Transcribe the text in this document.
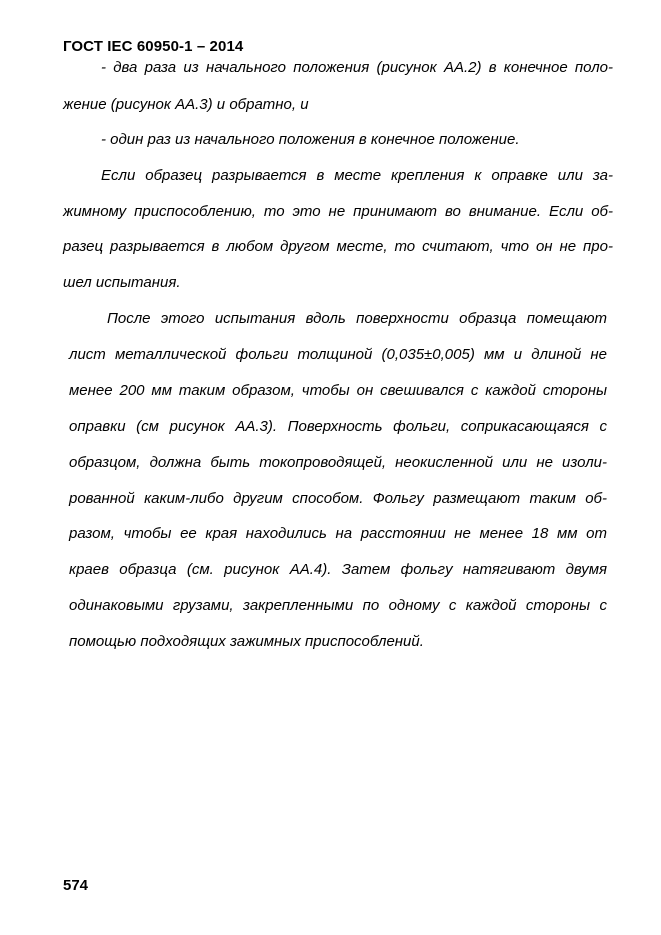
ГОСТ IEC 60950-1 – 2014
- два раза из начального положения (рисунок АА.2) в конечное поло-
жение (рисунок АА.3) и обратно, и
- один раз из начального положения в конечное положение.
Если образец разрывается в месте крепления к оправке или за-
жимному приспособлению, то это не принимают во внимание. Если об-
разец разрывается в любом другом месте, то считают, что он не про-
шел испытания.
После этого испытания вдоль поверхности образца помещают
лист металлической фольги толщиной (0,035±0,005) мм и длиной не
менее 200 мм таким образом, чтобы он свешивался с каждой стороны
оправки (см рисунок АА.3). Поверхность фольги, соприкасающаяся с
образцом, должна быть токопроводящей, неокисленной или не изоли-
рованной каким-либо другим способом. Фольгу размещают таким об-
разом, чтобы ее края находились на расстоянии не менее 18 мм от
краев образца (см. рисунок АА.4). Затем фольгу натягивают двумя
одинаковыми грузами, закрепленными по одному с каждой стороны с
помощью подходящих зажимных приспособлений.
574
